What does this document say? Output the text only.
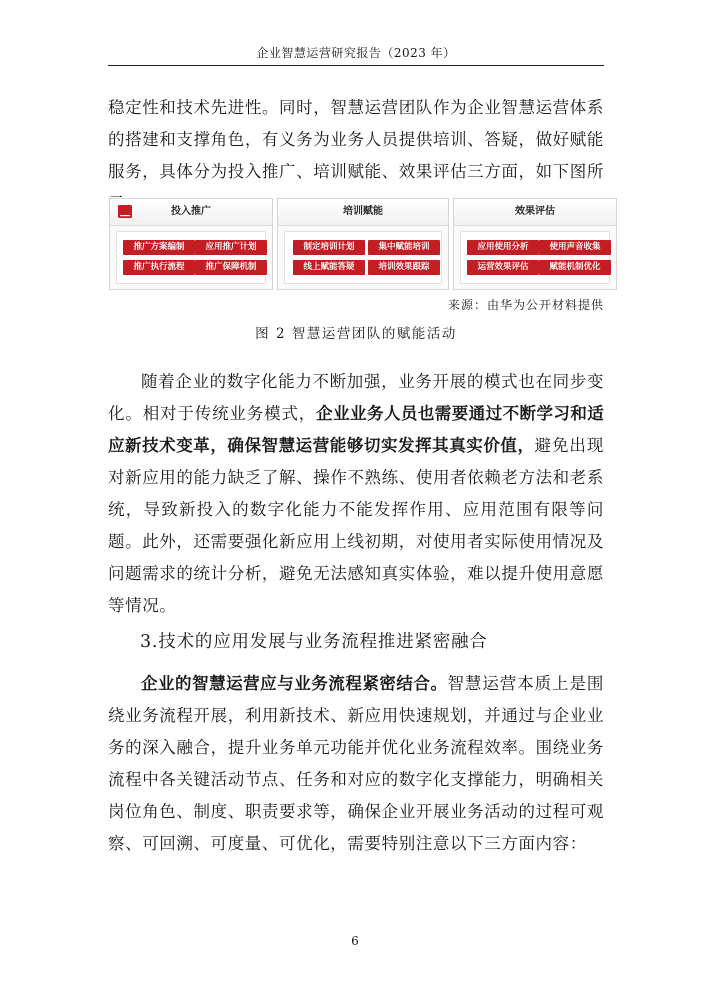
企业智慧运营研究报告（2023 年）

稳定性和技术先进性。同时，智慧运营团队作为企业智慧运营体系的搭建和支撑角色，有义务为业务人员提供培训、答疑，做好赋能服务，具体分为投入推广、培训赋能、效果评估三方面，如下图所

投入推广
推广方案编制	应用推广计划
推广执行流程	推广保障机制
培训赋能
制定培训计划	集中赋能培训
线上赋能答疑	培训效果跟踪
效果评估
应用使用分析	使用声音收集
运营效果评估	赋能机制优化
来源：由华为公开材料提供
图 2 智慧运营团队的赋能活动

随着企业的数字化能力不断加强，业务开展的模式也在同步变化。相对于传统业务模式，企业业务人员也需要通过不断学习和适应新技术变革，确保智慧运营能够切实发挥其真实价值，避免出现对新应用的能力缺乏了解、操作不熟练、使用者依赖老方法和老系统，导致新投入的数字化能力不能发挥作用、应用范围有限等问题。此外，还需要强化新应用上线初期，对使用者实际使用情况及问题需求的统计分析，避免无法感知真实体验，难以提升使用意愿等情况。

3.技术的应用发展与业务流程推进紧密融合

企业的智慧运营应与业务流程紧密结合。智慧运营本质上是围绕业务流程开展，利用新技术、新应用快速规划，并通过与企业业务的深入融合，提升业务单元功能并优化业务流程效率。围绕业务流程中各关键活动节点、任务和对应的数字化支撑能力，明确相关岗位角色、制度、职责要求等，确保企业开展业务活动的过程可观察、可回溯、可度量、可优化，需要特别注意以下三方面内容：

6
